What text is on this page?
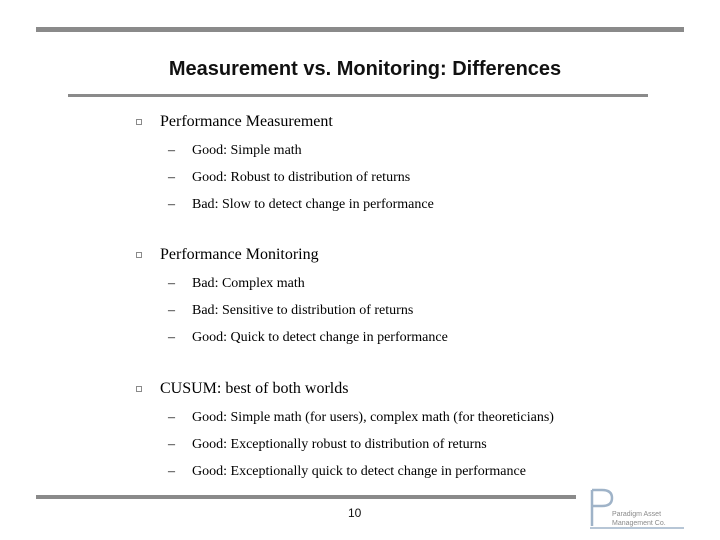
Measurement vs. Monitoring: Differences
Performance Measurement
– Good: Simple math
– Good: Robust to distribution of returns
– Bad: Slow to detect change in performance
Performance Monitoring
– Bad: Complex math
– Bad: Sensitive to distribution of returns
– Good: Quick to detect change in performance
CUSUM: best of both worlds
– Good: Simple math (for users), complex math (for theoreticians)
– Good: Exceptionally robust to distribution of returns
– Good: Exceptionally quick to detect change in performance
10	Paradigm Asset
Management Co.
